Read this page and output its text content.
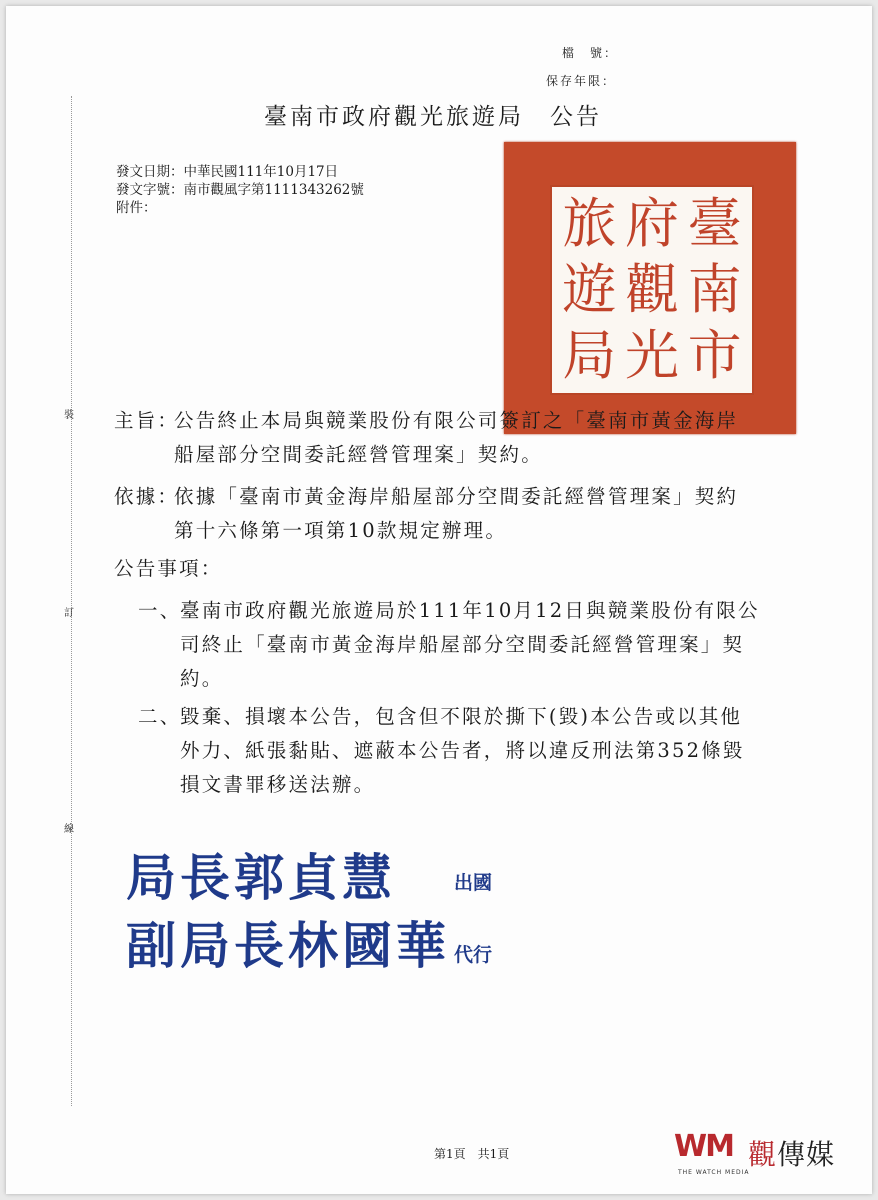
裝
訂
線
檔　號：
保存年限：
臺南市政府觀光旅遊局 公告
發文日期：中華民國111年10月17日
發文字號：南市觀風字第1111343262號
附件：	旅 府 臺
遊 觀 南
局 光 市
主旨：
公告終止本局與競業股份有限公司簽訂之「臺南市黃金海岸
船屋部分空間委託經營管理案」契約。
依據：
依據「臺南市黃金海岸船屋部分空間委託經營管理案」契約
第十六條第一項第10款規定辦理。
公告事項：
一、
臺南市政府觀光旅遊局於111年10月12日與競業股份有限公
司終止「臺南市黃金海岸船屋部分空間委託經營管理案」契
約。
二、
毀棄、損壞本公告，包含但不限於撕下(毀)本公告或以其他
外力、紙張黏貼、遮蔽本公告者，將以違反刑法第352條毀
損文書罪移送法辦。
局長郭貞慧	出國
副局長林國華 代行
第1頁　共1頁	WM
THE WATCH MEDIA
觀傳媒
